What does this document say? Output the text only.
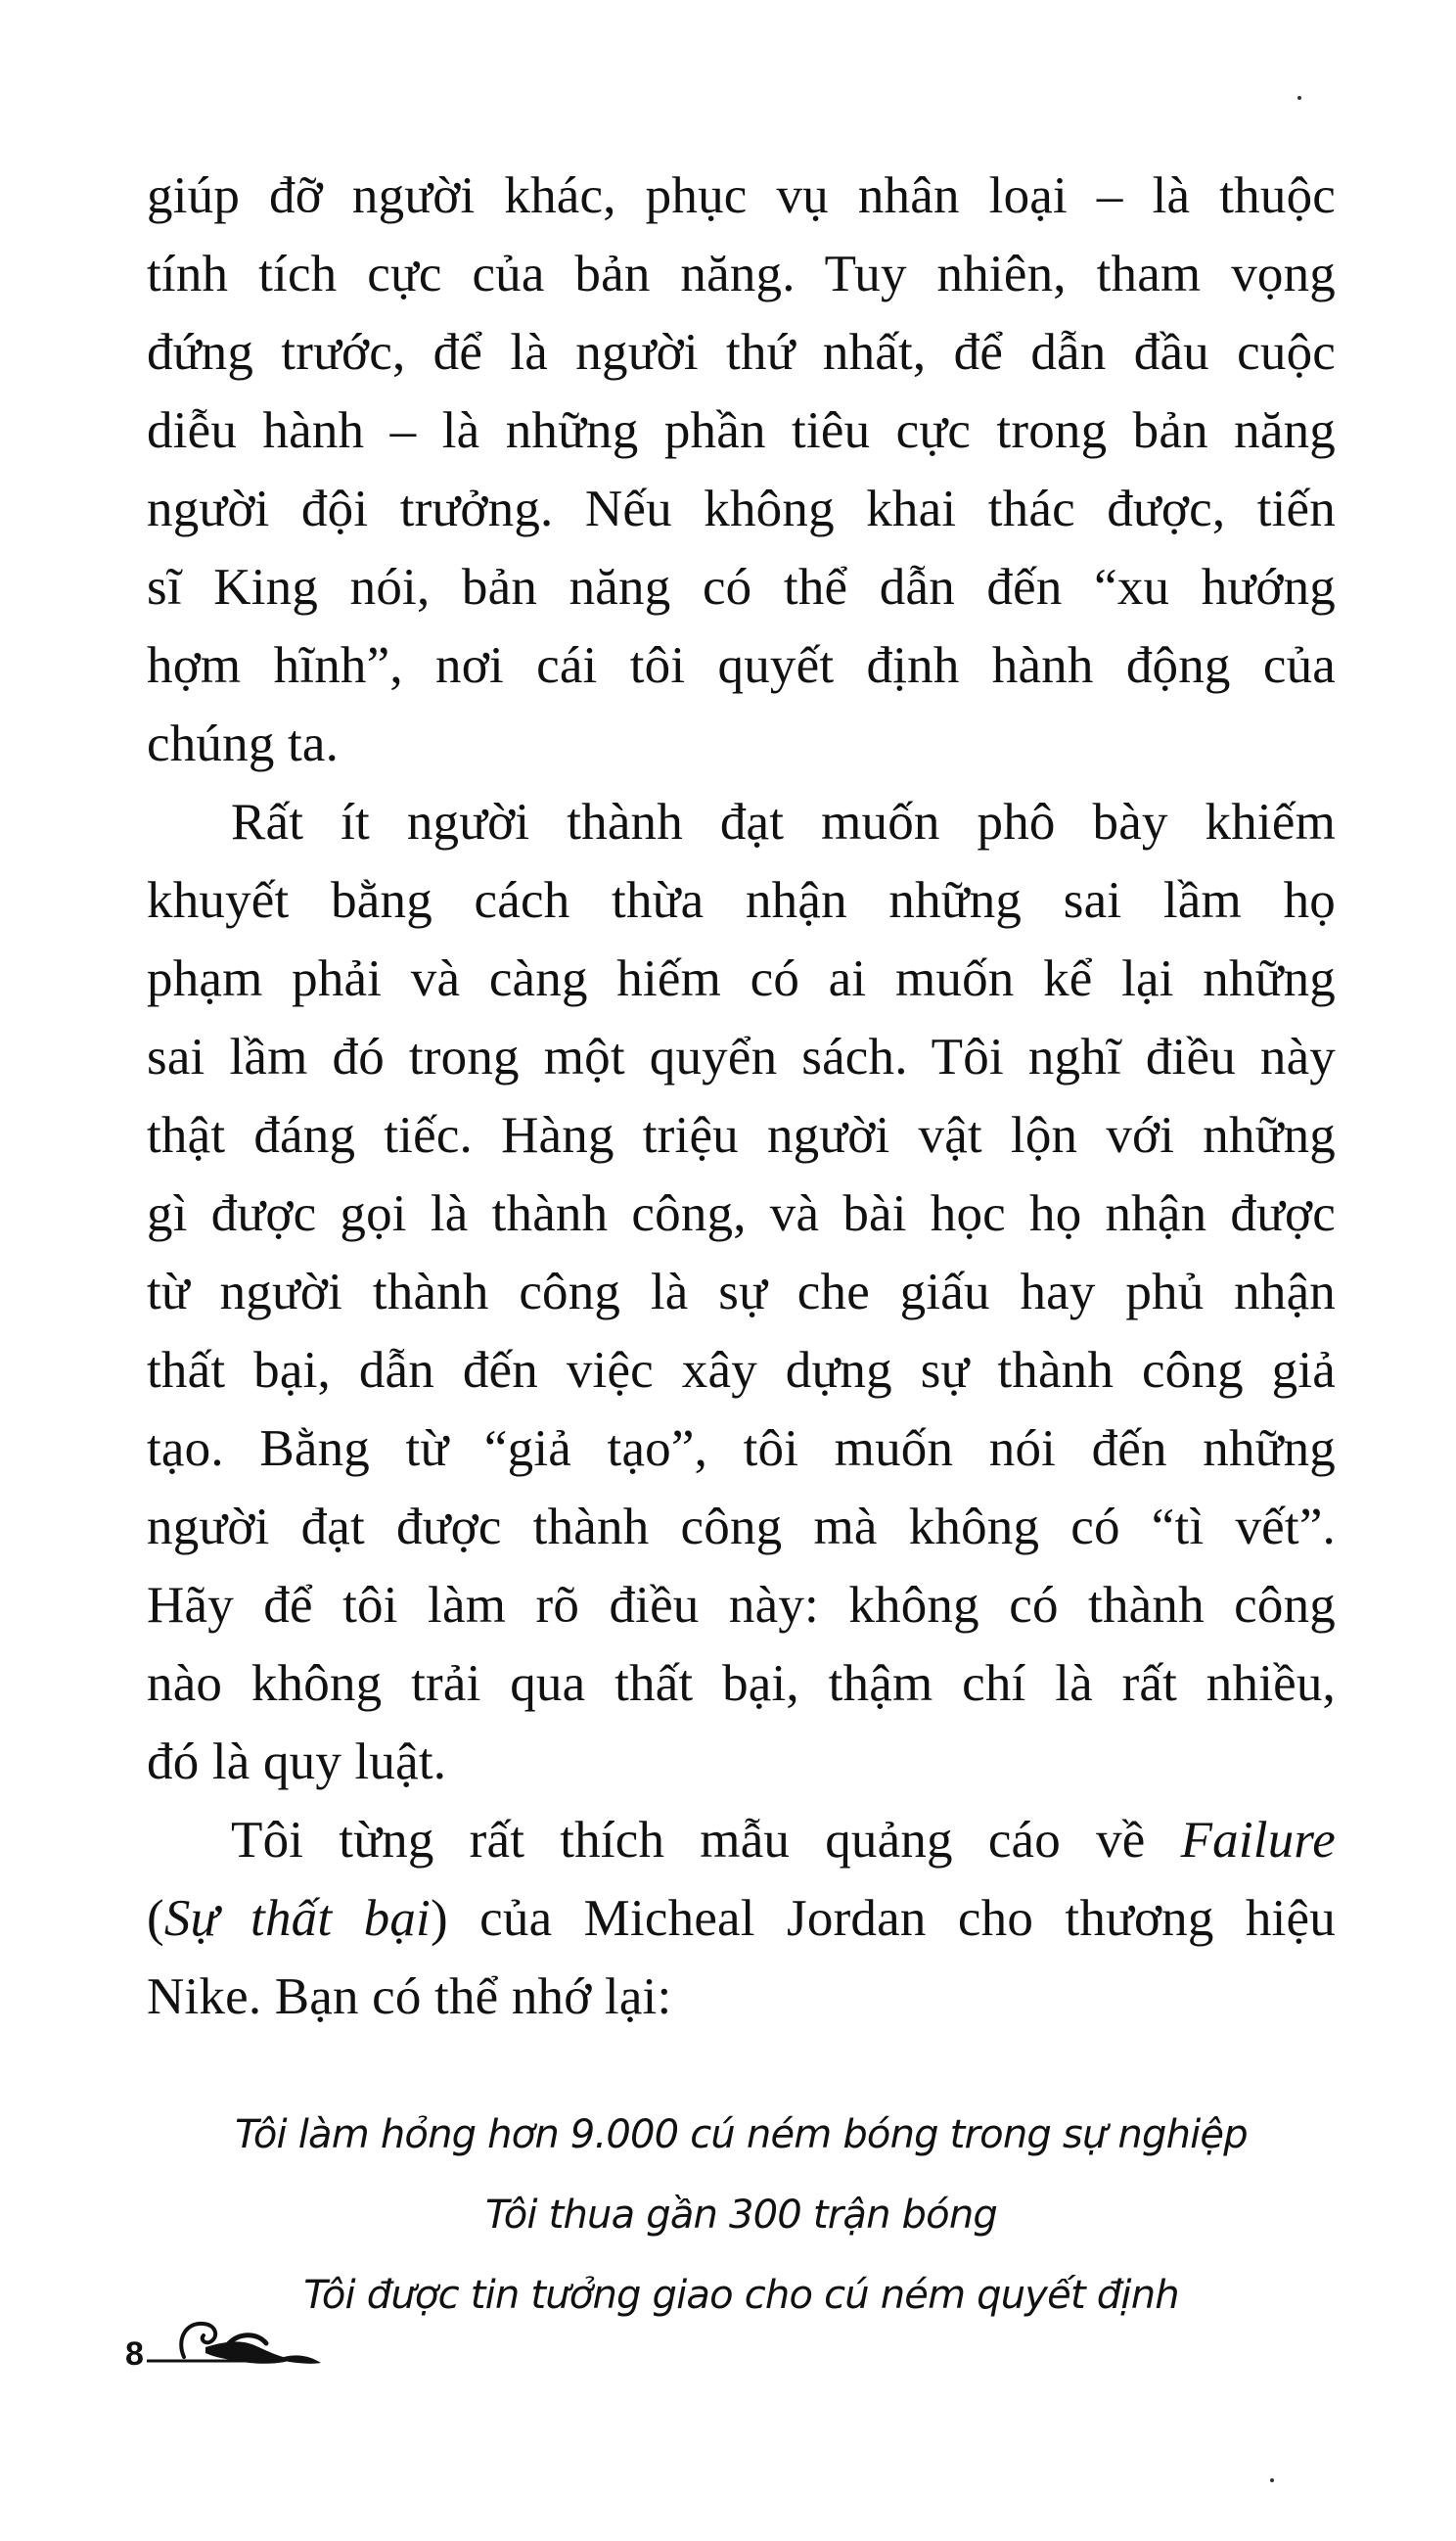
giúp đỡ người khác, phục vụ nhân loại – là thuộc
tính tích cực của bản năng. Tuy nhiên, tham vọng
đứng trước, để là người thứ nhất, để dẫn đầu cuộc
diễu hành – là những phần tiêu cực trong bản năng
người đội trưởng. Nếu không khai thác được, tiến
sĩ King nói, bản năng có thể dẫn đến “xu hướng
hợm hĩnh”, nơi cái tôi quyết định hành động của
chúng ta.
Rất ít người thành đạt muốn phô bày khiếm
khuyết bằng cách thừa nhận những sai lầm họ
phạm phải và càng hiếm có ai muốn kể lại những
sai lầm đó trong một quyển sách. Tôi nghĩ điều này
thật đáng tiếc. Hàng triệu người vật lộn với những
gì được gọi là thành công, và bài học họ nhận được
từ người thành công là sự che giấu hay phủ nhận
thất bại, dẫn đến việc xây dựng sự thành công giả
tạo. Bằng từ “giả tạo”, tôi muốn nói đến những
người đạt được thành công mà không có “tì vết”.
Hãy để tôi làm rõ điều này: không có thành công
nào không trải qua thất bại, thậm chí là rất nhiều,
đó là quy luật.
Tôi từng rất thích mẫu quảng cáo về Failure
(Sự thất bại) của Micheal Jordan cho thương hiệu
Nike. Bạn có thể nhớ lại:
Tôi làm hỏng hơn 9.000 cú ném bóng trong sự nghiệp
Tôi thua gần 300 trận bóng
Tôi được tin tưởng giao cho cú ném quyết định
8
